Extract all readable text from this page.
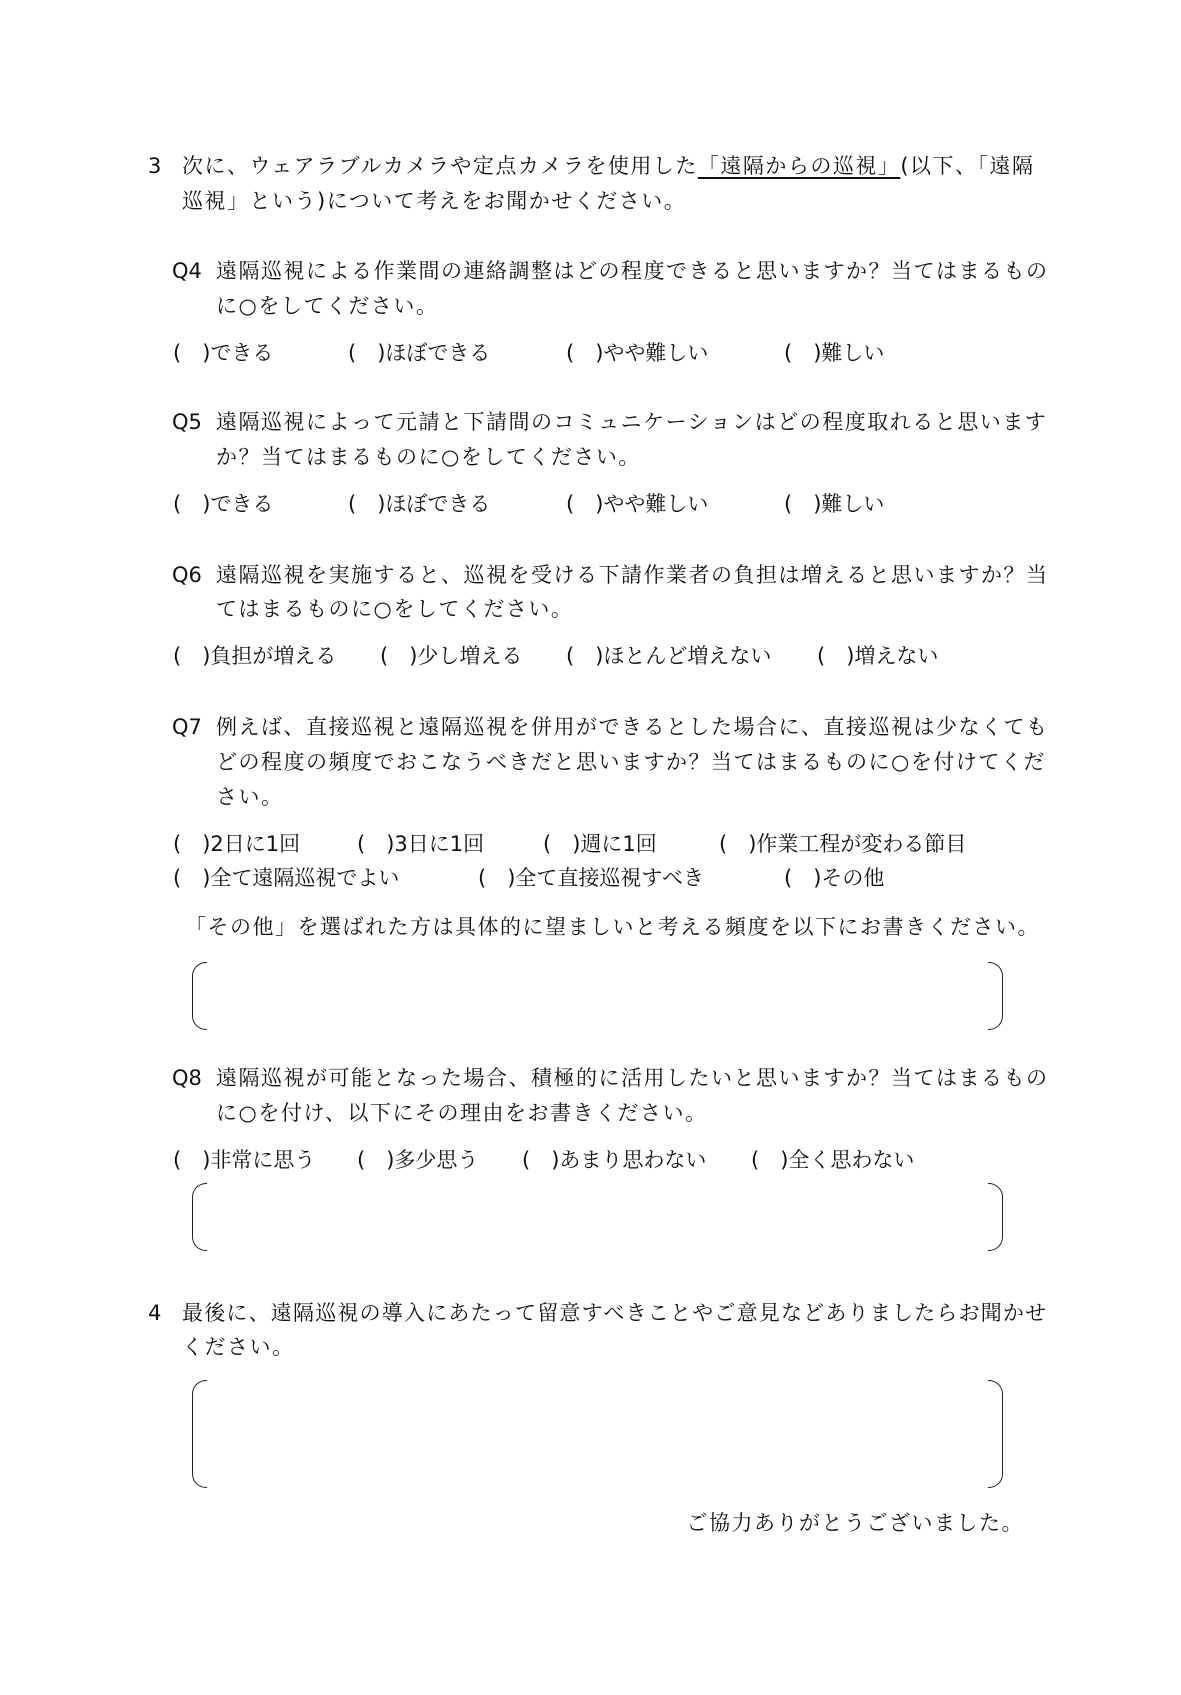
3 次に、ウェアラブルカメラや定点カメラを使用した「遠隔からの巡視」(以下、「遠隔
巡視」という)について考えをお聞かせください。
Q4 遠隔巡視による作業間の連絡調整はどの程度できると思いますか？当てはまるもの
に○をしてください。
(　)できる	(　)ほぼできる	(　)やや難しい	(　)難しい
Q5 遠隔巡視によって元請と下請間のコミュニケーションはどの程度取れると思います
か？当てはまるものに○をしてください。
(　)できる	(　)ほぼできる	(　)やや難しい	(　)難しい
Q6 遠隔巡視を実施すると、巡視を受ける下請作業者の負担は増えると思いますか？当
てはまるものに○をしてください。
(　)負担が増える (　)少し増える (　)ほとんど増えない (　)増えない
Q7 例えば、直接巡視と遠隔巡視を併用ができるとした場合に、直接巡視は少なくても
どの程度の頻度でおこなうべきだと思いますか？当てはまるものに○を付けてくだ
さい。
(　)2日に1回	(　)3日に1回	(　)週に1回	(　)作業工程が変わる節目
(　)全て遠隔巡視でよい	(　)全て直接巡視すべき	(　)その他
「その他」を選ばれた方は具体的に望ましいと考える頻度を以下にお書きください。
Q8 遠隔巡視が可能となった場合、積極的に活用したいと思いますか？当てはまるもの
に○を付け、以下にその理由をお書きください。
(　)非常に思う (　)多少思う (　)あまり思わない (　)全く思わない
4 最後に、遠隔巡視の導入にあたって留意すべきことやご意見などありましたらお聞かせ
ください。
ご協力ありがとうございました。
